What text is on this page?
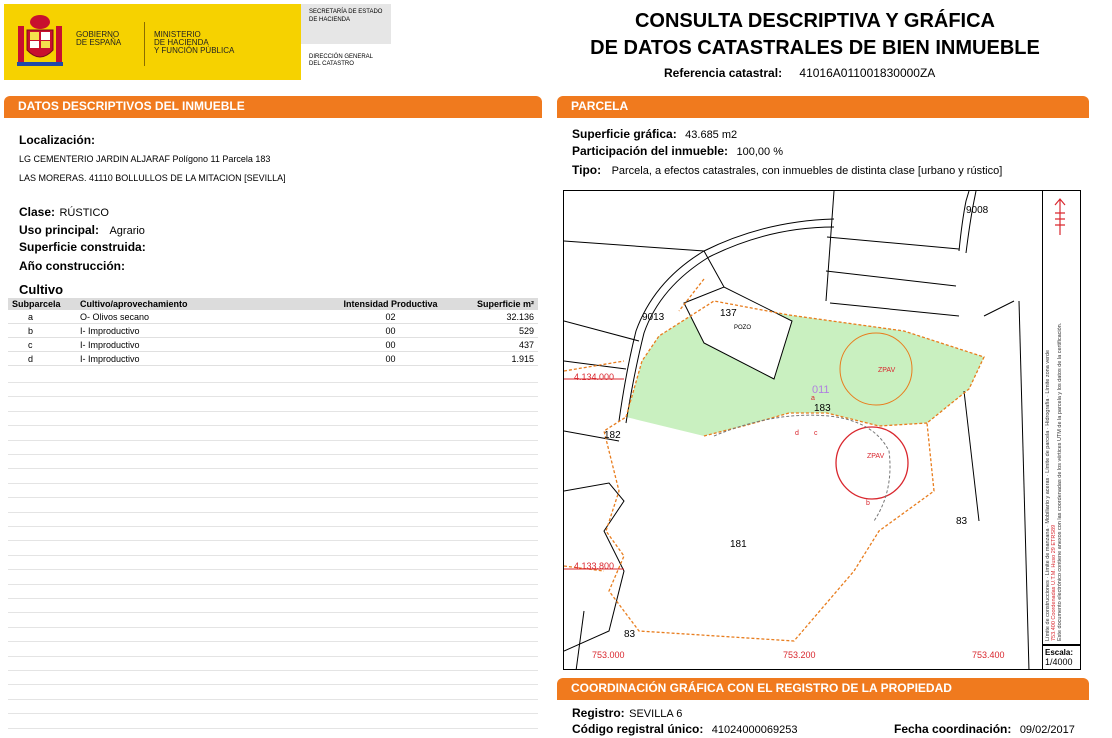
GOBIERNO
DE ESPAÑA
MINISTERIO
DE HACIENDA
Y FUNCIÓN PÚBLICA
SECRETARÍA DE ESTADO
DE HACIENDA
DIRECCIÓN GENERAL
DEL CATASTRO
CONSULTA DESCRIPTIVA Y GRÁFICA
DE DATOS CATASTRALES DE BIEN INMUEBLE
Referencia catastral: 41016A011001830000ZA
DATOS DESCRIPTIVOS DEL INMUEBLE
Localización:
LG CEMENTERIO JARDIN ALJARAF Polígono 11 Parcela 183
LAS MORERAS. 41110 BOLLULLOS DE LA MITACION [SEVILLA]
Clase: RÚSTICO
Uso principal: Agrario
Superficie construida:
Año construcción:
Cultivo
Subparcela	Cultivo/aprovechamiento	Intensidad Productiva	Superficie m²
a	O- Olivos secano	02	32.136
b	I- Improductivo	00	529
c	I- Improductivo	00	437
d	I- Improductivo	00	1.915
PARCELA
Superficie gráfica: 43.685 m2
Participación del inmueble: 100,00 %
Tipo: Parcela, a efectos catastrales, con inmuebles de distinta clase [urbano y rústico]
9008
9013	137
POZO
ZPAV
ZPAV
011
a
183
182	d c
b
83
181
83
4.134.000
4.133.800
753.000	753.200	753.400
Límite de construcciones · Límite de manzana · Mobiliario y aceras · Límite de parcela · Hidrografía · Límite zona verde
753.400 Coordenadas U.T.M. Huso 29 ETRS89 Este documento electrónico contiene anexos con las coordenadas de los vértices UTM de la parcela y los datos de la certificación.
Escala:
1/4000
COORDINACIÓN GRÁFICA CON EL REGISTRO DE LA PROPIEDAD
Registro: SEVILLA 6
Código registral único: 41024000069253	Fecha coordinación: 09/02/2017
